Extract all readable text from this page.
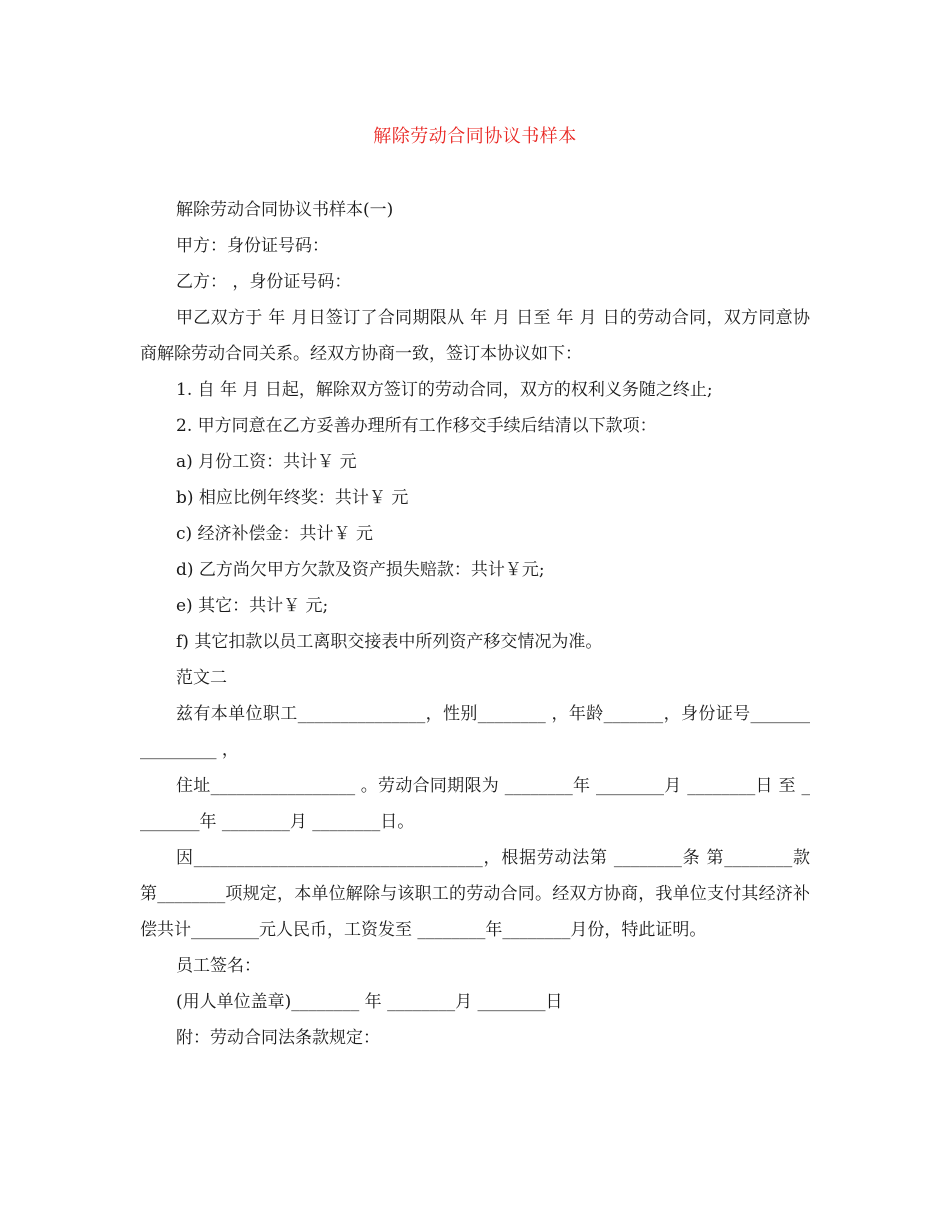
解除劳动合同协议书样本

解除劳动合同协议书样本(一)

甲方：身份证号码：

乙方： ，身份证号码：

甲乙双方于 年 月日签订了合同期限从 年 月 日至 年 月 日的劳动合同，双方同意协商解除劳动合同关系。经双方协商一致，签订本协议如下：

1. 自 年 月 日起，解除双方签订的劳动合同，双方的权利义务随之终止;

2. 甲方同意在乙方妥善办理所有工作移交手续后结清以下款项：

a) 月份工资：共计￥ 元

b) 相应比例年终奖：共计￥ 元

c) 经济补偿金：共计￥ 元

d) 乙方尚欠甲方欠款及资产损失赔款：共计￥元;

e) 其它：共计￥ 元;

f) 其它扣款以员工离职交接表中所列资产移交情况为准。

范文二

兹有本单位职工_______________，性别________ ，年龄_______，身份证号________________ ，

住址_________________ 。劳动合同期限为 ________年 ________月 ________日 至 ________年 ________月 ________日。

因__________________________________，根据劳动法第 ________条 第________款 第________项规定，本单位解除与该职工的劳动合同。经双方协商，我单位支付其经济补偿共计________元人民币，工资发至 ________年________月份，特此证明。

员工签名：

(用人单位盖章)________ 年 ________月 ________日

附：劳动合同法条款规定：
